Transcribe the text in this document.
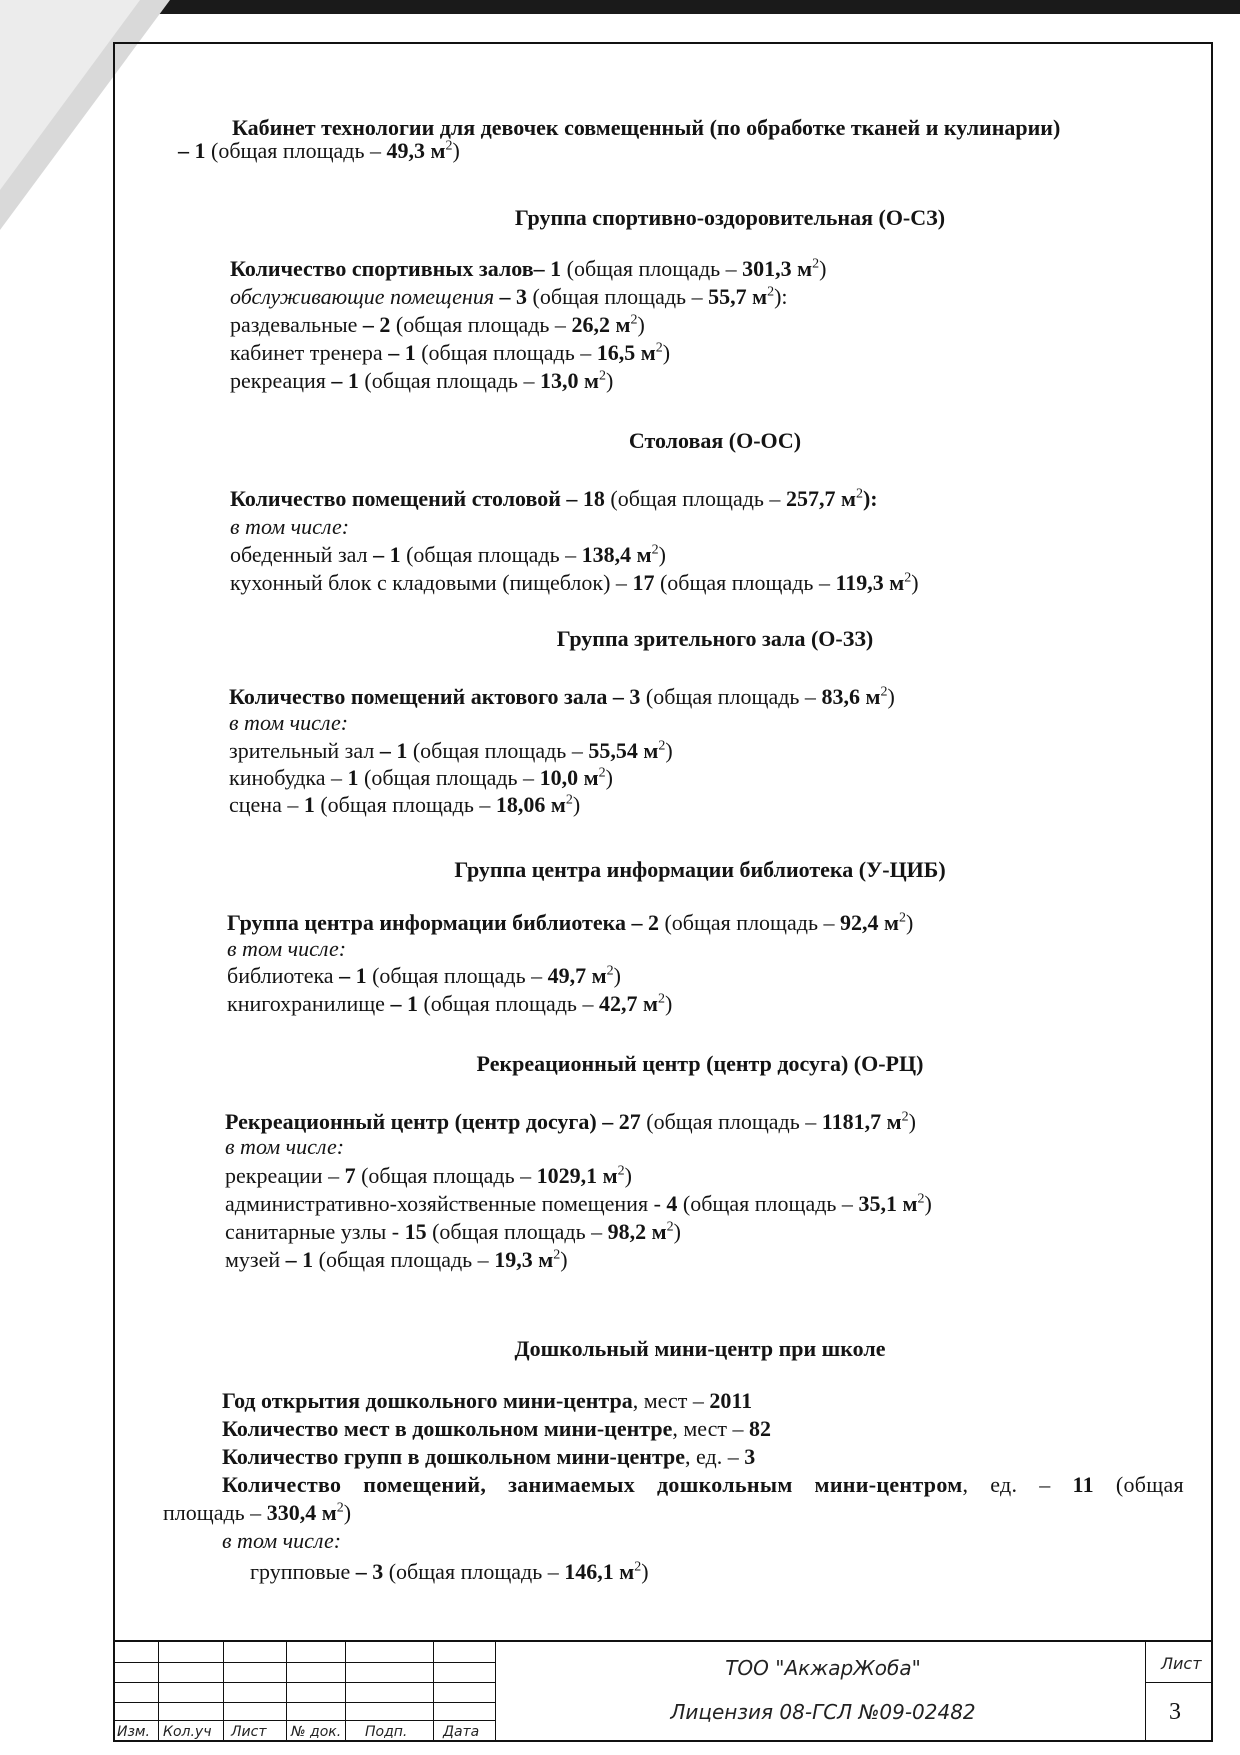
Кабинет технологии для девочек совмещенный (по обработке тканей и кулинарии)
– 1 (общая площадь – 49,3 $м^2$)
Группа спортивно-оздоровительная (О-СЗ)
Количество спортивных залов– 1 (общая площадь – 301,3 $м^2$)
обслуживающие помещения – 3 (общая площадь – 55,7 $м^2$):
раздевальные – 2 (общая площадь – 26,2 $м^2$)
кабинет тренера – 1 (общая площадь – 16,5 $м^2$)
рекреация – 1 (общая площадь – 13,0 $м^2$)
Столовая (О-ОС)
Количество помещений столовой – 18 (общая площадь – 257,7 $м^2$):
в том числе:
обеденный зал – 1 (общая площадь – 138,4 $м^2$)
кухонный блок с кладовыми (пищеблок) – 17 (общая площадь – 119,3 $м^2$)
Группа зрительного зала (О-ЗЗ)
Количество помещений актового зала – 3 (общая площадь – 83,6 $м^2$)
в том числе:
зрительный зал – 1 (общая площадь – 55,54 $м^2$)
кинобудка – 1 (общая площадь – 10,0 $м^2$)
сцена – 1 (общая площадь – 18,06 $м^2$)
Группа центра информации библиотека (У-ЦИБ)
Группа центра информации библиотека – 2 (общая площадь – 92,4 $м^2$)
в том числе:
библиотека – 1 (общая площадь – 49,7 $м^2$)
книгохранилище – 1 (общая площадь – 42,7 $м^2$)
Рекреационный центр (центр досуга) (О-РЦ)
Рекреационный центр (центр досуга) – 27 (общая площадь – 1181,7 $м^2$)
в том числе:
рекреации – 7 (общая площадь – 1029,1 $м^2$)
административно-хозяйственные помещения - 4 (общая площадь – 35,1 $м^2$)
санитарные узлы - 15 (общая площадь – 98,2 $м^2$)
музей – 1 (общая площадь – 19,3 $м^2$)
Дошкольный мини-центр при школе
Год открытия дошкольного мини-центра, мест – 2011
Количество мест в дошкольном мини-центре, мест – 82
Количество групп в дошкольном мини-центре, ед. – 3
Количество помещений, занимаемых дошкольным мини-центром, ед. – 11 (общая
площадь – 330,4 $м^2$)
в том числе:
групповые – 3 (общая площадь – 146,1 $м^2$)
Изм. Кол.уч Лист № док. Подп.	Дата
ТОО "АкжарЖоба"
Лицензия 08-ГСЛ №09-02482
Лист
3
